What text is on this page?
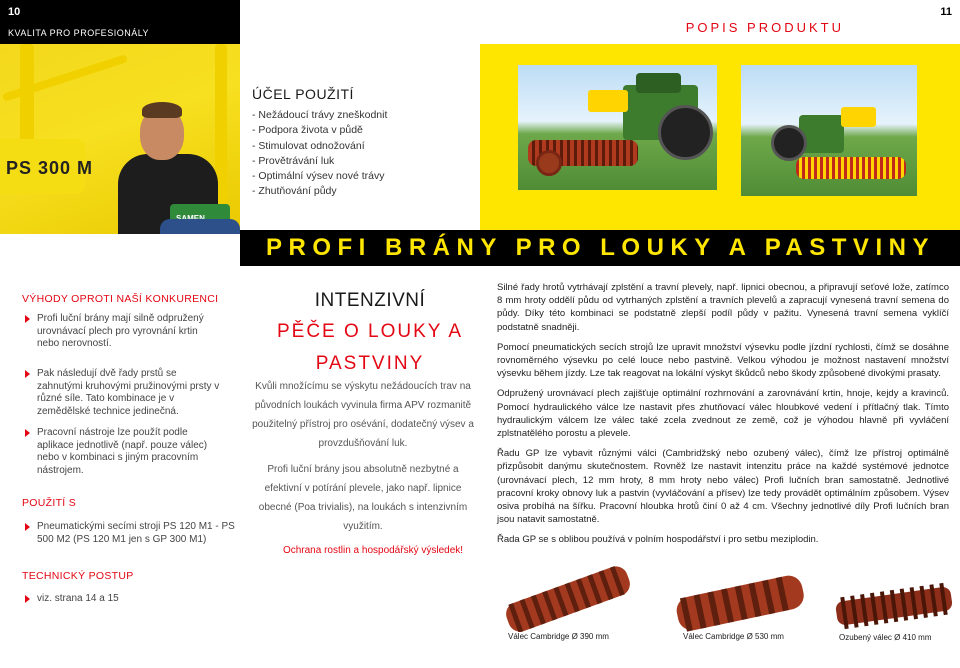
10
KVALITA PRO PROFESIONÁLY
11
POPIS PRODUKTU
PS 300 M
ÚČEL POUŽITÍ
- Nežádoucí trávy zneškodnit
- Podpora života v půdě
- Stimulovat odnožování
- Provětrávání luk
- Optimální výsev nové trávy
- Zhutňování půdy
PROFI BRÁNY PRO LOUKY A PASTVINY
VÝHODY OPROTI NAŠÍ KONKURENCI
Profi luční brány mají silně odpružený urovnávací plech pro vyrovnání krtin nebo nerovností.
Pak následují dvě řady prstů se zahnutými kruhovými pružinovými prsty v různé síle. Tato kombinace je v zemědělské technice jedinečná.
Pracovní nástroje lze použít podle aplikace jednotlivě (např. pouze válec) nebo v kombinaci s jiným pracovním nástrojem.
POUŽITÍ S
Pneumatickými secími stroji PS 120 M1 - PS 500 M2 (PS 120 M1 jen s GP 300 M1)
TECHNICKÝ POSTUP
viz. strana 14 a 15
INTENZIVNÍ
PĚČE O LOUKY A PASTVINY
Kvůli množícímu se výskytu nežádoucích trav na původních loukách vyvinula firma APV rozmanitě použitelný přístroj pro osévání, dodatečný výsev a provzdušňování luk.
Profi luční brány jsou absolutně nezbytné a efektivní v potírání plevele, jako např. lipnice obecné (Poa trivialis), na loukách s intenzivním využitím.
Ochrana rostlin a hospodářský výsledek!

Silné řady hrotů vytrhávají zplstění a travní plevely, např. lipnici obecnou, a připravují seťové lože, zatímco 8 mm hroty oddělí půdu od vytrhaných zplstění a travních plevelů a zapracují vynesená travní semena do půdy. Díky této kombinaci se podstatně zlepší podíl půdy v pažitu. Vynesená travní semena vyklíčí podstatně snadněji.

Pomocí pneumatických secích strojů lze upravit množství výsevku podle jízdní rychlosti, čímž se dosáhne rovnoměrného výsevku po celé louce nebo pastvině. Velkou výhodou je možnost nastavení množství výsevku během jízdy. Lze tak reagovat na lokální výskyt škůdců nebo škody způsobené divokými prasaty.

Odpružený urovnávací plech zajišťuje optimální rozhrnování a zarovnávání krtin, hnoje, kejdy a kravinců. Pomocí hydraulického válce lze nastavit přes zhutňovací válec hloubkové vedení i přítlačný tlak. Tímto hydraulickým válcem lze válec také zcela zvednout ze země, což je výhodou hlavně při vyvláčení zplstnatělého porostu a plevele.

Řadu GP lze vybavit různými válci (Cambridžský nebo ozubený válec), čímž lze přístroj optimálně přizpůsobit danýmu skutečnostem. Rovněž lze nastavit intenzitu práce na každé systémové jednotce (urovnávací plech, 12 mm hroty, 8 mm hroty nebo válec) Profi lučních bran samostatně. Jednotlivé pracovní kroky obnovy luk a pastvin (vyvláčování a přísev) lze tedy provádět optimálním způsobem. Výsev osiva probíhá na šířku. Pracovní hloubka hrotů činí 0 až 4 cm. Všechny jednotlivé díly Profi lučních bran jsou natavit samostatně.

Řada GP se s oblibou používá v polním hospodářství i pro setbu meziplodin.

Válec Cambridge Ø 390 mm	Válec Cambridge Ø 530 mm	Ozubený válec Ø 410 mm
